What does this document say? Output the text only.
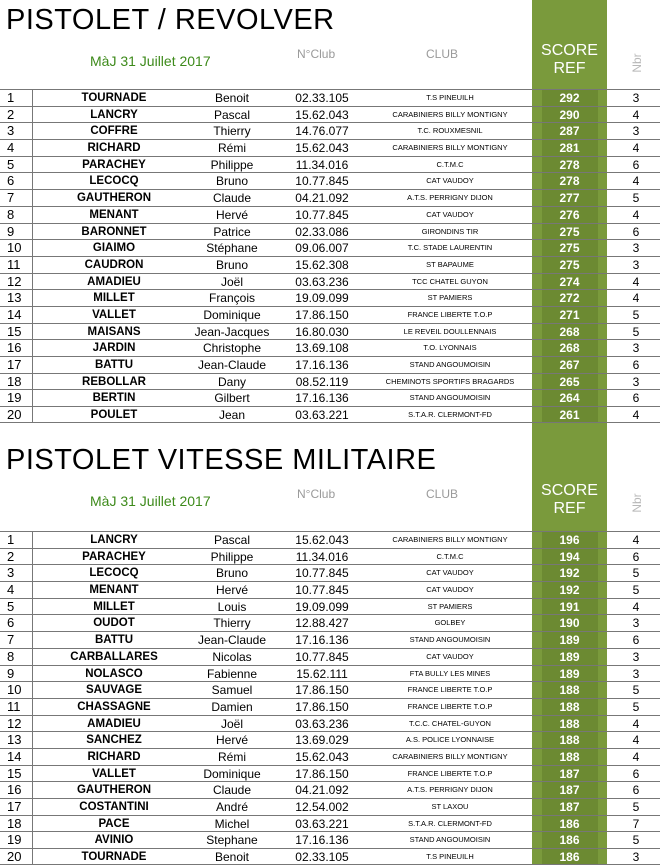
SCORE
REF
PISTOLET / REVOLVER
MàJ 31 Juillet 2017	N°Club	CLUB	Nbr
1	TOURNADE	Benoit	02.33.105	T.S PINEUILH	292	3
2	LANCRY	Pascal	15.62.043	CARABINIERS BILLY MONTIGNY	290	4
3	COFFRE	Thierry	14.76.077	T.C. ROUXMESNIL	287	3
4	RICHARD	Rémi	15.62.043	CARABINIERS BILLY MONTIGNY	281	4
5	PARACHEY	Philippe	11.34.016	C.T.M.C	278	6
6	LECOCQ	Bruno	10.77.845	CAT VAUDOY	278	4
7	GAUTHERON	Claude	04.21.092	A.T.S. PERRIGNY DIJON	277	5
8	MENANT	Hervé	10.77.845	CAT VAUDOY	276	4
9	BARONNET	Patrice	02.33.086	GIRONDINS TIR	275	6
10	GIAIMO	Stéphane	09.06.007	T.C. STADE LAURENTIN	275	3
11	CAUDRON	Bruno	15.62.308	ST BAPAUME	275	3
12	AMADIEU	Joël	03.63.236	TCC CHATEL GUYON	274	4
13	MILLET	François	19.09.099	ST PAMIERS	272	4
14	VALLET	Dominique	17.86.150	FRANCE LIBERTE T.O.P	271	5
15	MAISANS	Jean-Jacques	16.80.030	LE REVEIL DOULLENNAIS	268	5
16	JARDIN	Christophe	13.69.108	T.O. LYONNAIS	268	3
17	BATTU	Jean-Claude	17.16.136	STAND ANGOUMOISIN	267	6
18	REBOLLAR	Dany	08.52.119	CHEMINOTS SPORTIFS BRAGARDS	265	3
19	BERTIN	Gilbert	17.16.136	STAND ANGOUMOISIN	264	6
20	POULET	Jean	03.63.221	S.T.A.R. CLERMONT-FD	261	4
SCORE
REF
PISTOLET VITESSE MILITAIRE
MàJ 31 Juillet 2017	N°Club	CLUB	Nbr
1	LANCRY	Pascal	15.62.043	CARABINIERS BILLY MONTIGNY	196	4
2	PARACHEY	Philippe	11.34.016	C.T.M.C	194	6
3	LECOCQ	Bruno	10.77.845	CAT VAUDOY	192	5
4	MENANT	Hervé	10.77.845	CAT VAUDOY	192	5
5	MILLET	Louis	19.09.099	ST PAMIERS	191	4
6	OUDOT	Thierry	12.88.427	GOLBEY	190	3
7	BATTU	Jean-Claude	17.16.136	STAND ANGOUMOISIN	189	6
8	CARBALLARES	Nicolas	10.77.845	CAT VAUDOY	189	3
9	NOLASCO	Fabienne	15.62.111	FTA BULLY LES MINES	189	3
10	SAUVAGE	Samuel	17.86.150	FRANCE LIBERTE T.O.P	188	5
11	CHASSAGNE	Damien	17.86.150	FRANCE LIBERTE T.O.P	188	5
12	AMADIEU	Joël	03.63.236	T.C.C. CHATEL-GUYON	188	4
13	SANCHEZ	Hervé	13.69.029	A.S. POLICE LYONNAISE	188	4
14	RICHARD	Rémi	15.62.043	CARABINIERS BILLY MONTIGNY	188	4
15	VALLET	Dominique	17.86.150	FRANCE LIBERTE T.O.P	187	6
16	GAUTHERON	Claude	04.21.092	A.T.S. PERRIGNY DIJON	187	6
17	COSTANTINI	André	12.54.002	ST LAXOU	187	5
18	PACE	Michel	03.63.221	S.T.A.R. CLERMONT-FD	186	7
19	AVINIO	Stephane	17.16.136	STAND ANGOUMOISIN	186	5
20	TOURNADE	Benoit	02.33.105	T.S PINEUILH	186	3
